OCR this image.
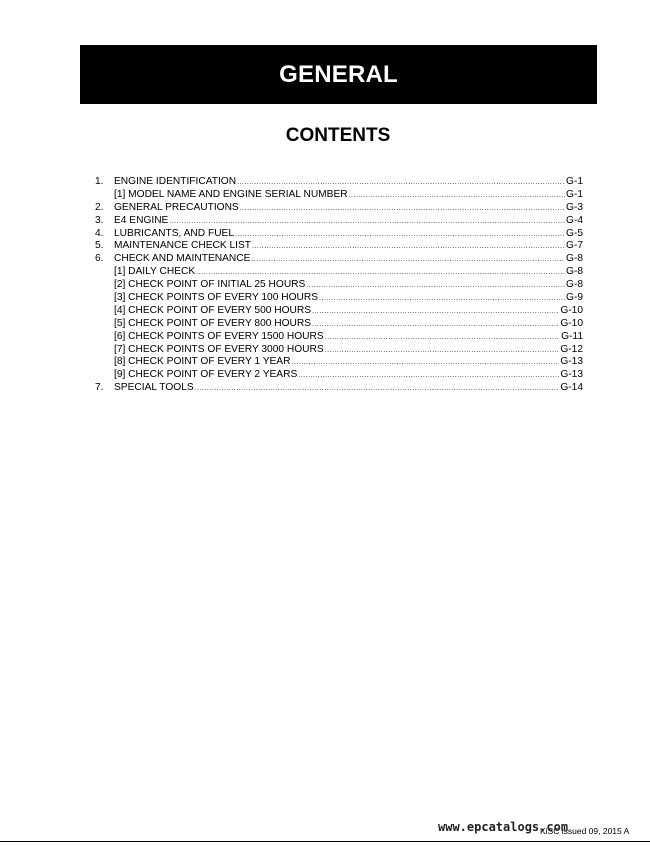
GENERAL
CONTENTS
1.	ENGINE IDENTIFICATION .....	G-1
[1] MODEL NAME AND ENGINE SERIAL NUMBER .....	G-1
2.	GENERAL PRECAUTIONS .....	G-3
3.	E4 ENGINE .....	G-4
4.	LUBRICANTS, AND FUEL .....	G-5
5.	MAINTENANCE CHECK LIST .....	G-7
6.	CHECK AND MAINTENANCE .....	G-8
[1] DAILY CHECK .....	G-8
[2] CHECK POINT OF INITIAL 25 HOURS .....	G-8
[3] CHECK POINTS OF EVERY 100 HOURS .....	G-9
[4] CHECK POINT OF EVERY 500 HOURS .....	G-10
[5] CHECK POINT OF EVERY 800 HOURS .....	G-10
[6] CHECK POINTS OF EVERY 1500 HOURS .....	G-11
[7] CHECK POINTS OF EVERY 3000 HOURS .....	G-12
[8] CHECK POINT OF EVERY 1 YEAR .....	G-13
[9] CHECK POINT OF EVERY 2 YEARS .....	G-13
7.	SPECIAL TOOLS .....	G-14
KiSC issued 09, 2015 A
www.epcatalogs.com
